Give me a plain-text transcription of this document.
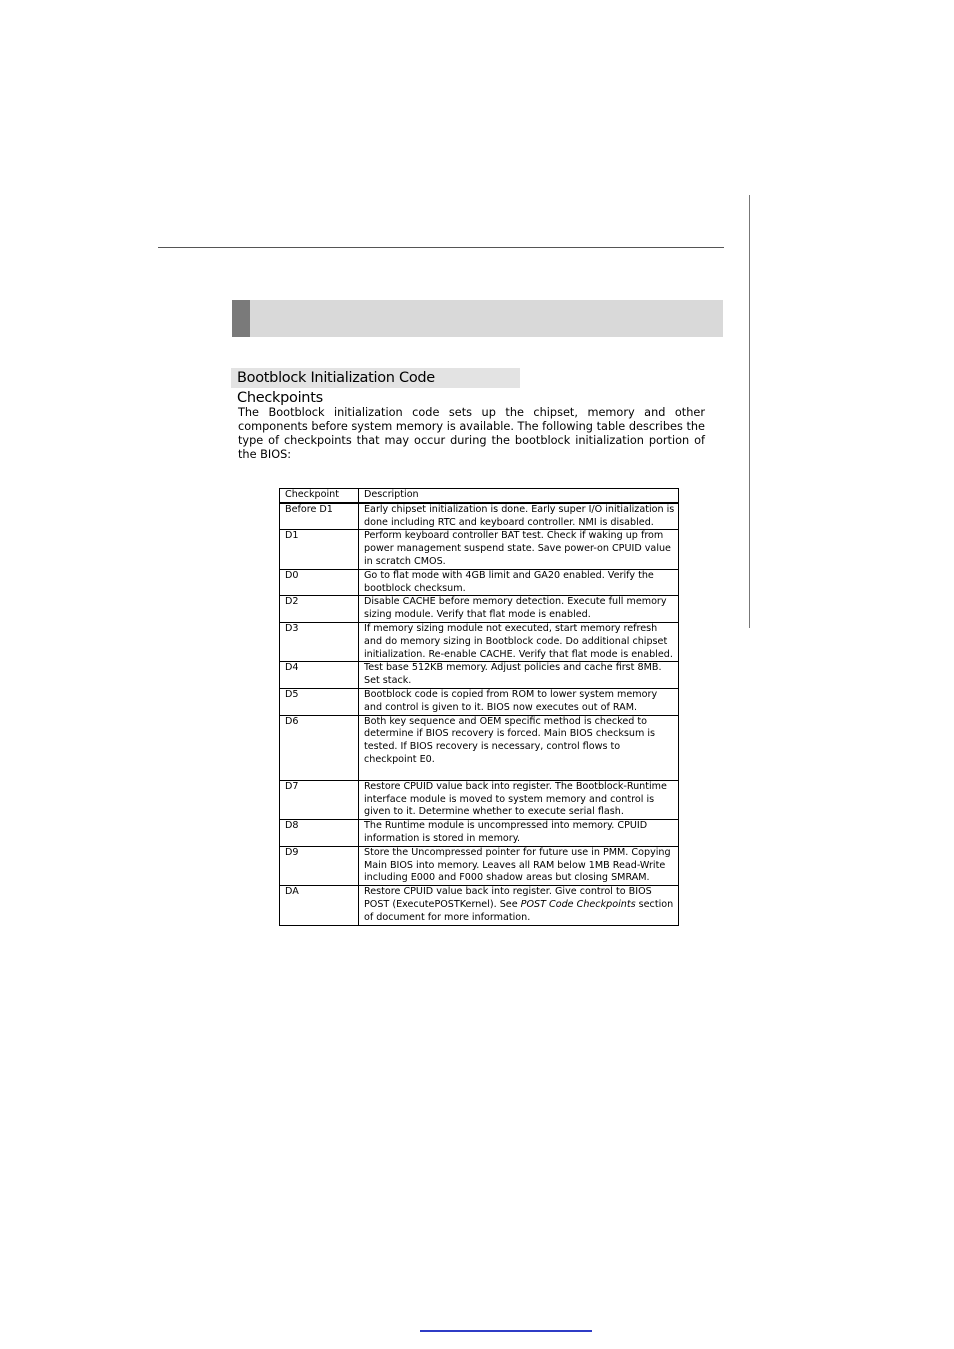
Bootblock Initialization Code Checkpoints

The Bootblock initialization code sets up the chipset, memory and other components before system memory is available. The following table describes the type of checkpoints that may occur during the bootblock initialization portion of the BIOS:

Checkpoint	Description
Before D1	Early chipset initialization is done. Early super I/O initialization is done including RTC and keyboard controller. NMI is disabled.
D1	Perform keyboard controller BAT test. Check if waking up from power management suspend state. Save power-on CPUID value in scratch CMOS.
D0	Go to flat mode with 4GB limit and GA20 enabled. Verify the bootblock checksum.
D2	Disable CACHE before memory detection. Execute full memory sizing module. Verify that flat mode is enabled.
D3	If memory sizing module not executed, start memory refresh and do memory sizing in Bootblock code. Do additional chipset initialization. Re-enable CACHE. Verify that flat mode is enabled.
D4	Test base 512KB memory. Adjust policies and cache first 8MB. Set stack.
D5	Bootblock code is copied from ROM to lower system memory and control is given to it. BIOS now executes out of RAM.
D6	Both key sequence and OEM specific method is checked to determine if BIOS recovery is forced. Main BIOS checksum is tested. If BIOS recovery is necessary, control flows to checkpoint E0.
D7	Restore CPUID value back into register. The Bootblock-Runtime interface module is moved to system memory and control is given to it. Determine whether to execute serial flash.
D8	The Runtime module is uncompressed into memory. CPUID information is stored in memory.
D9	Store the Uncompressed pointer for future use in PMM. Copying Main BIOS into memory. Leaves all RAM below 1MB Read-Write including E000 and F000 shadow areas but closing SMRAM.
DA	Restore CPUID value back into register. Give control to BIOS POST (ExecutePOSTKernel). See POST Code Checkpoints section of document for more information.
